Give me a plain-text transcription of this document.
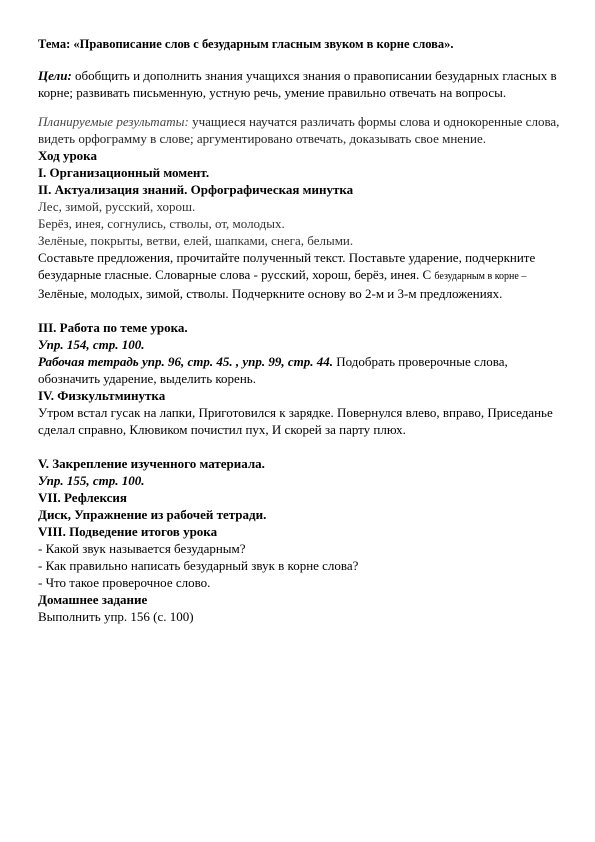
Тема: «Правописание слов с безударным гласным звуком в корне слова».

Цели: обобщить и дополнить знания учащихся знания о правописании безударных гласных в корне; развивать письменную, устную речь, умение правильно отвечать на вопросы.

Планируемые результаты: учащиеся научатся различать формы слова и однокоренные слова, видеть орфограмму в слове; аргументировано отвечать, доказывать свое мнение.

Ход урока

I. Организационный момент.

II. Актуализация знаний. Орфографическая минутка

Лес, зимой, русский, хорош.

Берёз, инея, согнулись, стволы, от, молодых.

Зелёные, покрыты, ветви, елей, шапками, снега, белыми.

Составьте предложения, прочитайте полученный текст. Поставьте ударение, подчеркните безударные гласные. Словарные слова - русский, хорош, берёз, инея. С безударным в корне – Зелёные, молодых, зимой, стволы. Подчеркните основу во 2-м и 3-м предложениях.

III. Работа по теме урока.

Упр. 154, стр. 100.

Рабочая тетрадь упр. 96, стр. 45. , упр. 99, стр. 44. Подобрать проверочные слова, обозначить ударение, выделить корень.

IV. Физкультминутка

Утром встал гусак на лапки, Приготовился к зарядке. Повернулся влево, вправо, Приседанье сделал справно, Клювиком почистил пух, И скорей за парту плюх.

V. Закрепление изученного материала.

Упр. 155, стр. 100.

VII. Рефлексия

Диск, Упражнение из рабочей тетради.

VIII. Подведение итогов урока

- Какой звук называется безударным?

- Как правильно написать безударный звук в корне слова?

- Что такое проверочное слово.

Домашнее задание

Выполнить упр. 156 (с. 100)
